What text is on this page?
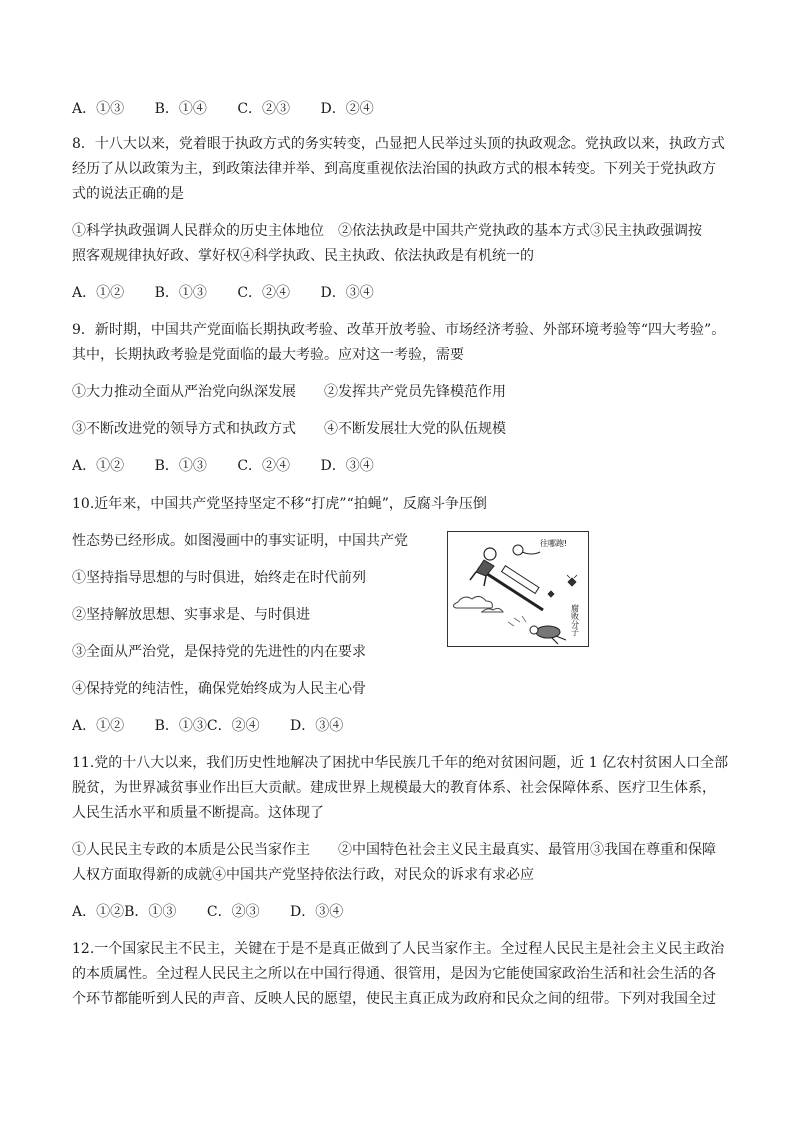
A．①③ B．①④ C．②③ D．②④
8．十八大以来，党着眼于执政方式的务实转变，凸显把人民举过头顶的执政观念。党执政以来，执政方式
经历了从以政策为主，到政策法律并举、到高度重视依法治国的执政方式的根本转变。下列关于党执政方
式的说法正确的是
①科学执政强调人民群众的历史主体地位　②依法执政是中国共产党执政的基本方式③民主执政强调按
照客观规律执好政、掌好权④科学执政、民主执政、依法执政是有机统一的
A．①② B．①③ C．②④ D．③④
9．新时期，中国共产党面临长期执政考验、改革开放考验、市场经济考验、外部环境考验等“四大考验”。
其中，长期执政考验是党面临的最大考验。应对这一考验，需要
①大力推动全面从严治党向纵深发展　　②发挥共产党员先锋模范作用
③不断改进党的领导方式和执政方式　　④不断发展壮大党的队伍规模
A．①② B．①③ C．②④ D．③④
10.近年来，中国共产党坚持坚定不移“打虎”“拍蝇”，反腐斗争压倒
性态势已经形成。如图漫画中的事实证明，中国共产党
①坚持指导思想的与时俱进，始终走在时代前列
②坚持解放思想、实事求是、与时俱进
③全面从严治党，是保持党的先进性的内在要求
④保持党的纯洁性，确保党始终成为人民主心骨
A．①② B．①③C．②④ D．③④
往哪跑!
腐败分子
11.党的十八大以来，我们历史性地解决了困扰中华民族几千年的绝对贫困问题，近 1 亿农村贫困人口全部
脱贫，为世界减贫事业作出巨大贡献。建成世界上规模最大的教育体系、社会保障体系、医疗卫生体系，
人民生活水平和质量不断提高。这体现了
①人民民主专政的本质是公民当家作主　　②中国特色社会主义民主最真实、最管用③我国在尊重和保障
人权方面取得新的成就④中国共产党坚持依法行政，对民众的诉求有求必应
A．①②B．①③ C．②③ D．③④
12.一个国家民主不民主，关键在于是不是真正做到了人民当家作主。全过程人民民主是社会主义民主政治
的本质属性。全过程人民民主之所以在中国行得通、很管用，是因为它能使国家政治生活和社会生活的各
个环节都能听到人民的声音、反映人民的愿望，使民主真正成为政府和民众之间的纽带。下列对我国全过
